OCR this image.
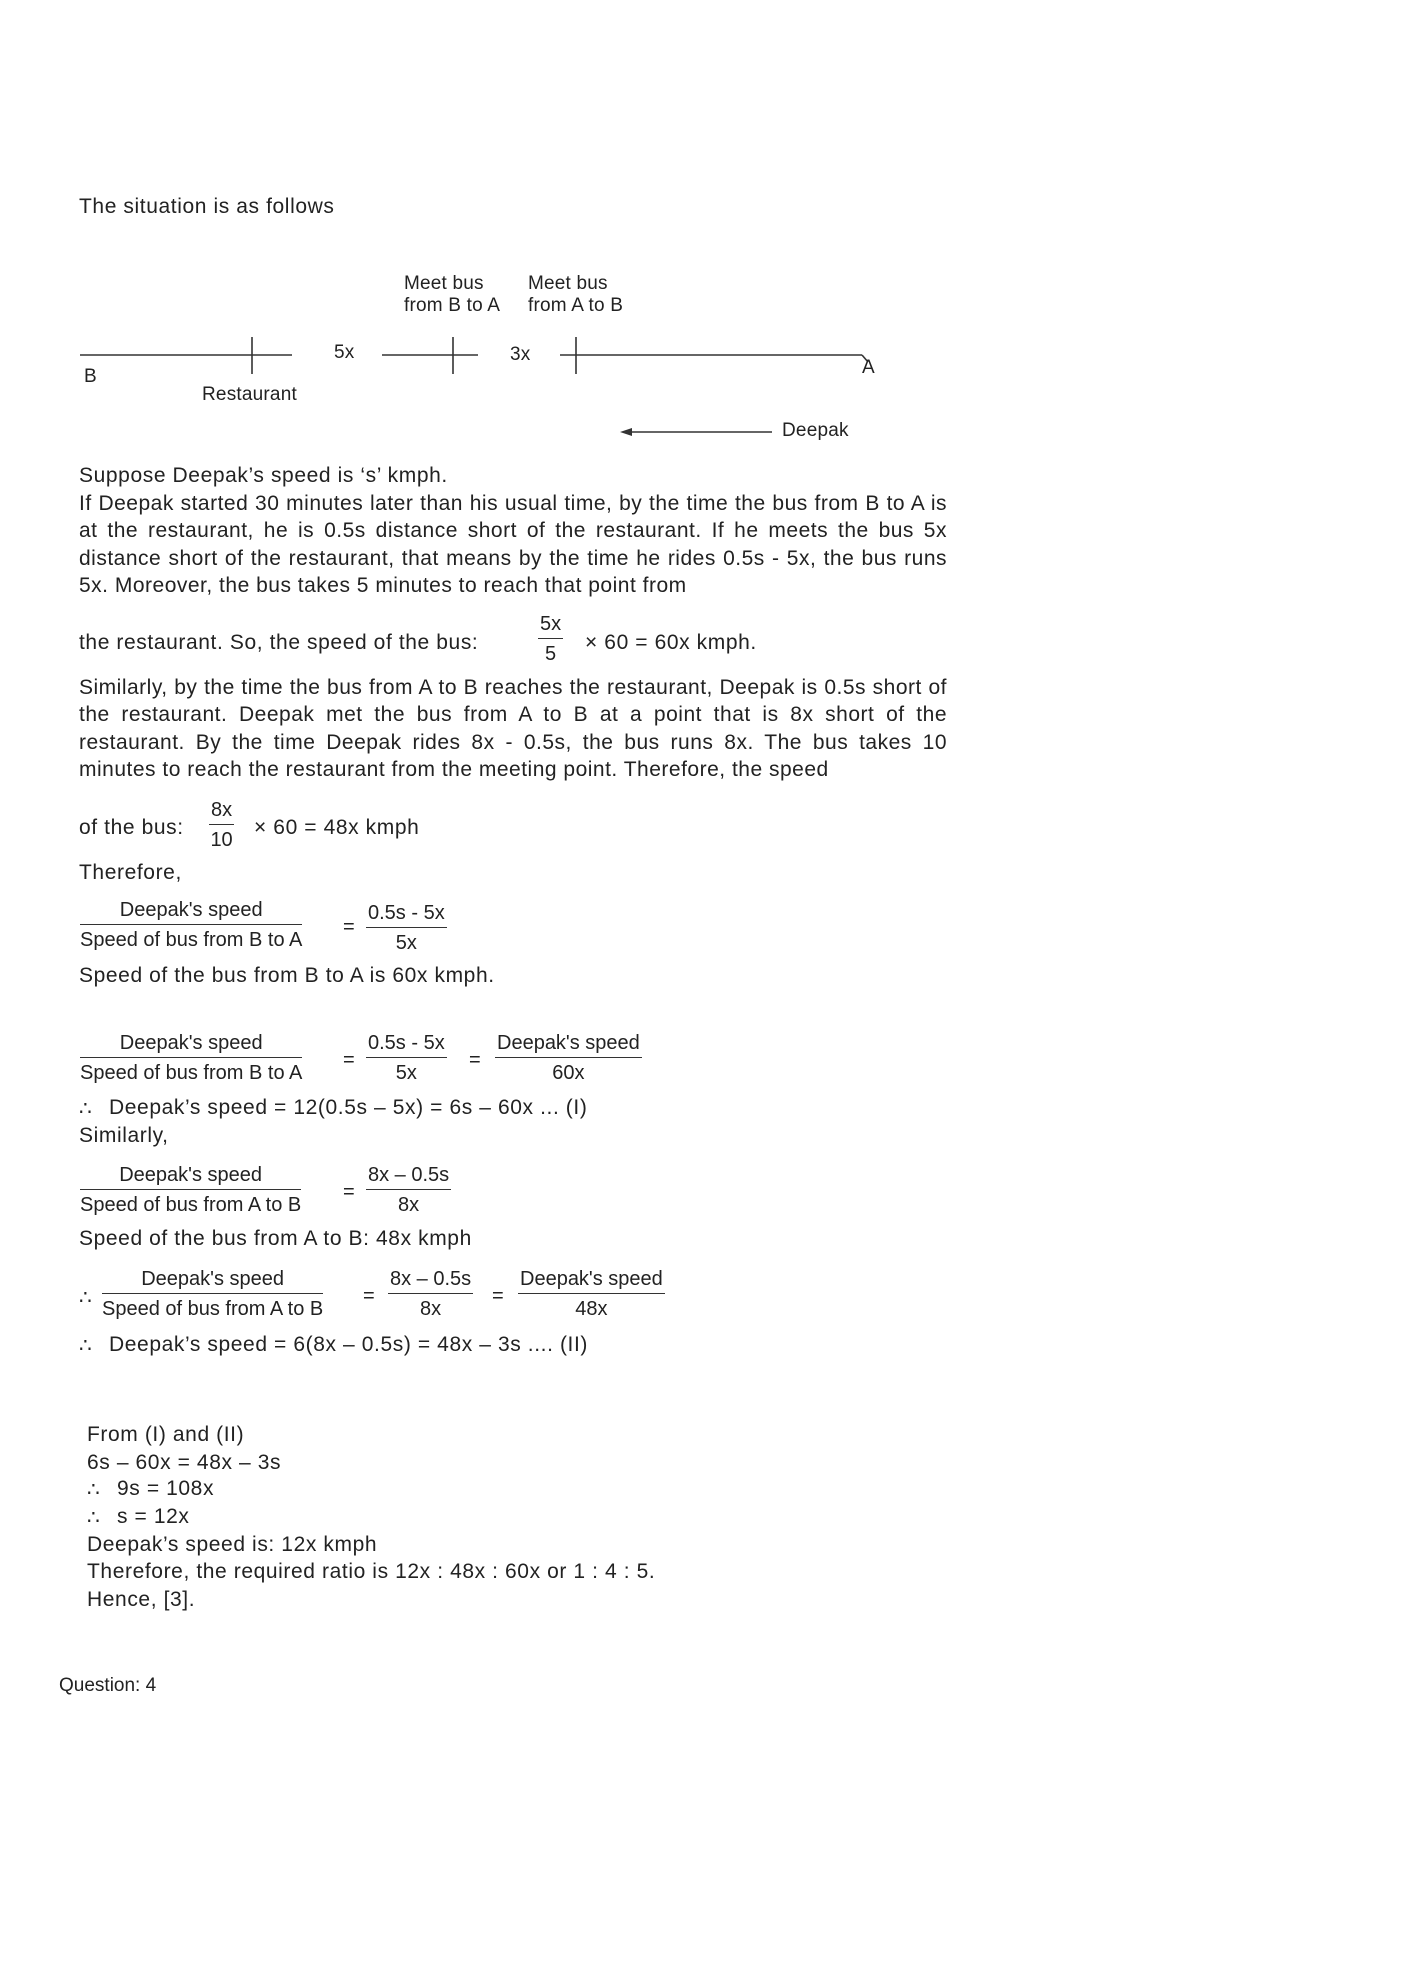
The situation is as follows
Meet bus
from B to A
Meet bus
from A to B
5x	3x
B	A
Restaurant
Deepak
Suppose Deepak’s speed is ‘s’ kmph.
If Deepak started 30 minutes later than his usual time, by the time the bus from B to A is at the restaurant, he is 0.5s distance short of the restaurant. If he meets the bus 5x distance short of the restaurant, that means by the time he rides 0.5s - 5x, the bus runs 5x. Moreover, the bus takes 5 minutes to reach that point from
the restaurant. So, the speed of the bus:
5x
5 × 60 = 60x kmph.
Similarly, by the time the bus from A to B reaches the restaurant, Deepak is 0.5s short of the restaurant. Deepak met the bus from A to B at a point that is 8x short of the restaurant. By the time Deepak rides 8x - 0.5s, the bus runs 8x. The bus takes 10 minutes to reach the restaurant from the meeting point. Therefore, the speed
of the bus:
8x
10
× 60 = 48x kmph
Therefore,
Deepak's speed
Speed of bus from B to A
=
0.5s - 5x
5x
Speed of the bus from B to A is 60x kmph.
Deepak's speed
Speed of bus from B to A
=
0.5s - 5x
5x
=
Deepak's speed
60x
∴ Deepak’s speed = 12(0.5s – 5x) = 6s – 60x ... (I)
Similarly,
Deepak's speed
Speed of bus from A to B
=
8x – 0.5s
8x
Speed of the bus from A to B: 48x kmph
∴
Deepak's speed
Speed of bus from A to B
=
8x – 0.5s
8x
=
Deepak's speed
48x
∴ Deepak’s speed = 6(8x – 0.5s) = 48x – 3s .... (II)
From (I) and (II)
6s – 60x = 48x – 3s
∴ 9s = 108x
∴ s = 12x
Deepak’s speed is: 12x kmph
Therefore, the required ratio is 12x : 48x : 60x or 1 : 4 : 5.
Hence, [3].
Question: 4
